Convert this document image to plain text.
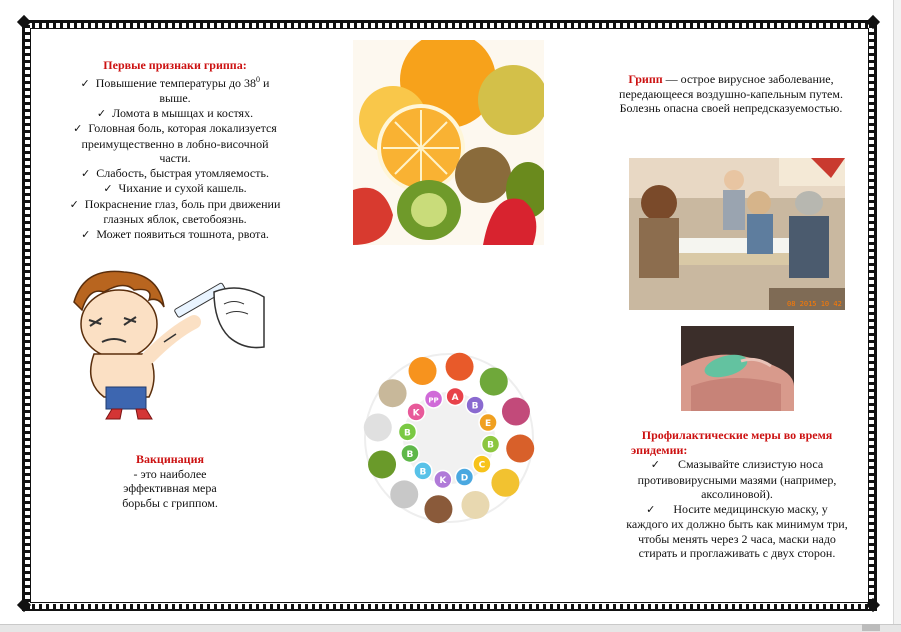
Первые признаки гриппа:
✓ Повышение температуры до $38^0$ и
выше.
✓ Ломота в мышцах и костях.
✓ Головная боль, которая локализуется
преимущественно в лобно-височной
части.
✓ Слабость, быстрая утомляемость.
✓ Чихание и сухой кашель.
✓ Покраснение глаз, боль при движении
глазных яблок, светобоязнь.
✓ Может появиться тошнота, рвота.
Вакцинация
- это наиболее
эффективная мера
борьбы с гриппом.
K
PP A
B
E
B
C
D
K
B
B
B
Грипп — острое вирусное заболевание,
передающееся воздушно-капельным путем.
Болезнь опасна своей непредсказуемостью.
08 2015 10 42
Профилактические меры во время
эпидемии:
✓ Смазывайте слизистую носа
противовирусными мазями (например,
аксолиновой).
✓ Носите медицинскую маску, у
каждого их должно быть как минимум три,
чтобы менять через 2 часа, маски надо
стирать и проглаживать с двух сторон.
